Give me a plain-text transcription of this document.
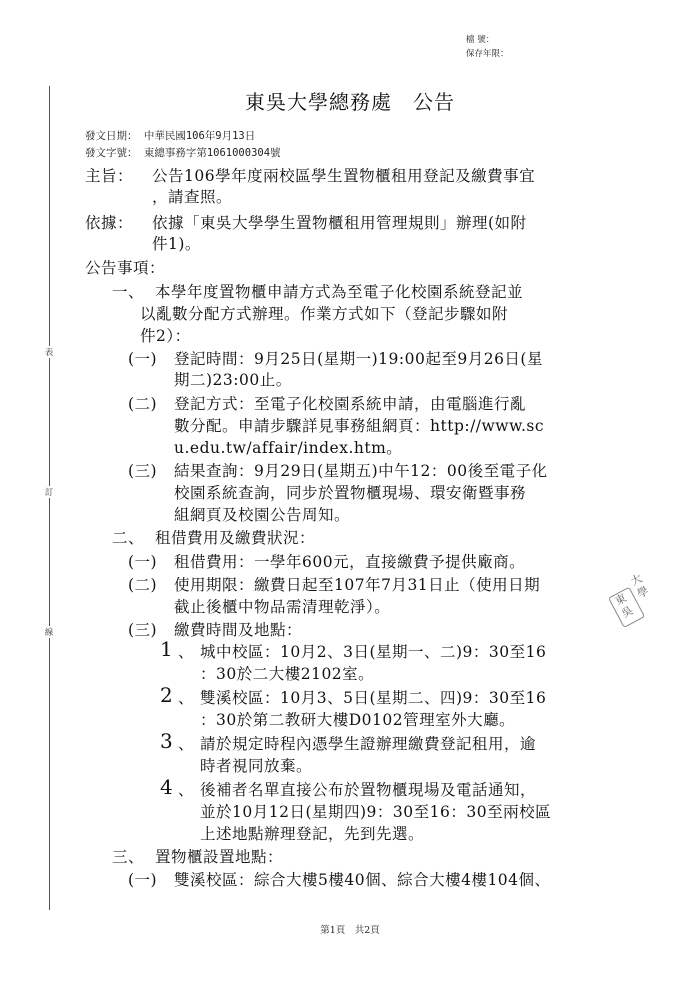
檔 號：
保存年限：
表
訂
線
東吳大學總務處　公告
發文日期： 中華民國106年9月13日
發文字號： 東總事務字第1061000304號
主旨： 公告106學年度兩校區學生置物櫃租用登記及繳費事宜
，請查照。
依據： 依據「東吳大學學生置物櫃租用管理規則」辦理(如附
件1)。
公告事項：
一、 本學年度置物櫃申請方式為至電子化校園系統登記並
以亂數分配方式辦理。作業方式如下（登記步驟如附
件2）：
(一) 登記時間：9月25日(星期一)19:00起至9月26日(星
期二)23:00止。
(二) 登記方式：至電子化校園系統申請，由電腦進行亂
數分配。申請步驟詳見事務組網頁：http://www.sc
u.edu.tw/affair/index.htm。
(三) 結果查詢：9月29日(星期五)中午12：00後至電子化
校園系統查詢，同步於置物櫃現場、環安衛暨事務
組網頁及校園公告周知。
二、 租借費用及繳費狀況：
(一) 租借費用：一學年600元，直接繳費予提供廠商。
(二) 使用期限：繳費日起至107年7月31日止（使用日期
截止後櫃中物品需清理乾淨）。
(三) 繳費時間及地點：
1 、 城中校區：10月2、3日(星期一、二)9：30至16
：30於二大樓2102室。
2 、 雙溪校區：10月3、5日(星期二、四)9：30至16
：30於第二教研大樓D0102管理室外大廳。
3 、 請於規定時程內憑學生證辦理繳費登記租用，逾
時者視同放棄。
4 、 後補者名單直接公布於置物櫃現場及電話通知，
並於10月12日(星期四)9：30至16：30至兩校區
上述地點辦理登記，先到先選。
三、 置物櫃設置地點：
(一) 雙溪校區：綜合大樓5樓40個、綜合大樓4樓104個、
東
吳
大
學
第1頁　共2頁
